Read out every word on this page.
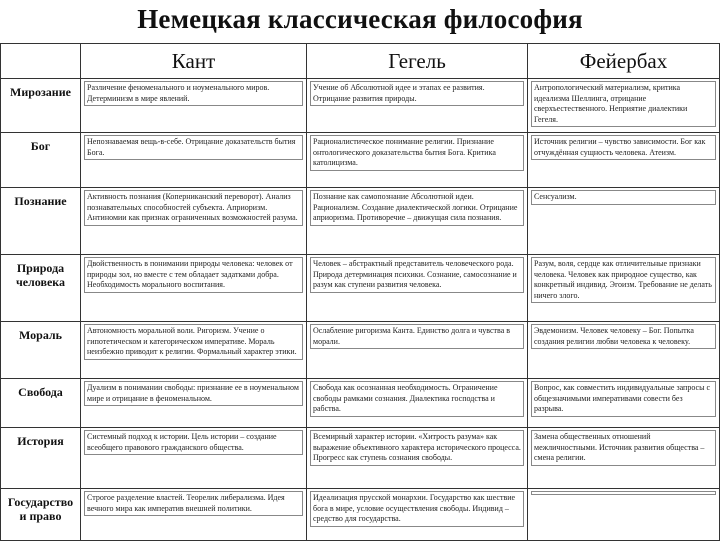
Немецкая классическая философия
	Кант	Гегель	Фейербах
Мирозание	Различение феноменального и ноуменального миров. Детерминизм в мире явлений.	Учение об Абсолютной идее и этапах ее развития. Отрицание развития природы.	Антропологический материализм, критика идеализма Шеллинга, отрицание сверхъестественного. Неприятие диалектики Гегеля.

Бог	Непознаваемая вещь-в-себе. Отрицание доказательств бытия Бога.	Рационалистическое понимание религии. Признание онтологического доказательства бытия Бога. Критика католицизма.	Источник религии – чувство зависимости. Бог как отчуждённая сущность человека. Атеизм.

Познание	Активность познания (Коперниканский переворот). Анализ познавательных способностей субъекта. Априоризм. Антиномии как признак ограниченных возможностей разума.	Познание как самопознание Абсолютной идеи. Рационализм. Создание диалектической логики. Отрицание априоризма. Противоречие – движущая сила познания.	Сенсуализм.

Природа человека	Двойственность в понимании природы человека: человек от природы зол, но вместе с тем обладает задатками добра. Необходимость морального воспитания.	Человек – абстрактный представитель человеческого рода. Природа детерминация психики. Сознание, самосознание и разум как ступени развития человека.	Разум, воля, сердце как отличительные признаки человека. Человек как природное существо, как конкретный индивид. Эгоизм. Требование не делать ничего злого.

Мораль	Автономность моральной воли. Ригоризм. Учение о гипотетическом и категорическом императиве. Мораль неизбежно приводит к религии. Формальный характер этики.	Ослабление ригоризма Канта. Единство долга и чувства в морали.	Эвдемонизм. Человек человеку – Бог. Попытка создания религии любви человека к человеку.

Свобода	Дуализм в понимании свободы: признание ее в ноуменальном мире и отрицание в феноменальном.	Свобода как осознанная необходимость. Ограничение свободы рамками сознания. Диалектика господства и рабства.	Вопрос, как совместить индивидуальные запросы с общезначимыми императивами совести без разрыва.

История	Системный подход к истории. Цель истории – создание всеобщего правового гражданского общества.	Всемирный характер истории. «Хитрость разума» как выражение объективного характера исторического процесса. Прогресс как ступень сознания свободы.	Замена общественных отношений межличностными. Источник развития общества – смена религии.

Государство и право	Строгое разделение властей. Теорелик либерализма. Идея вечного мира как императив внешней политики.	Идеализация прусской монархии. Государство как шествие бога в мире, условие осуществления свободы. Индивид – средство для государства.	
